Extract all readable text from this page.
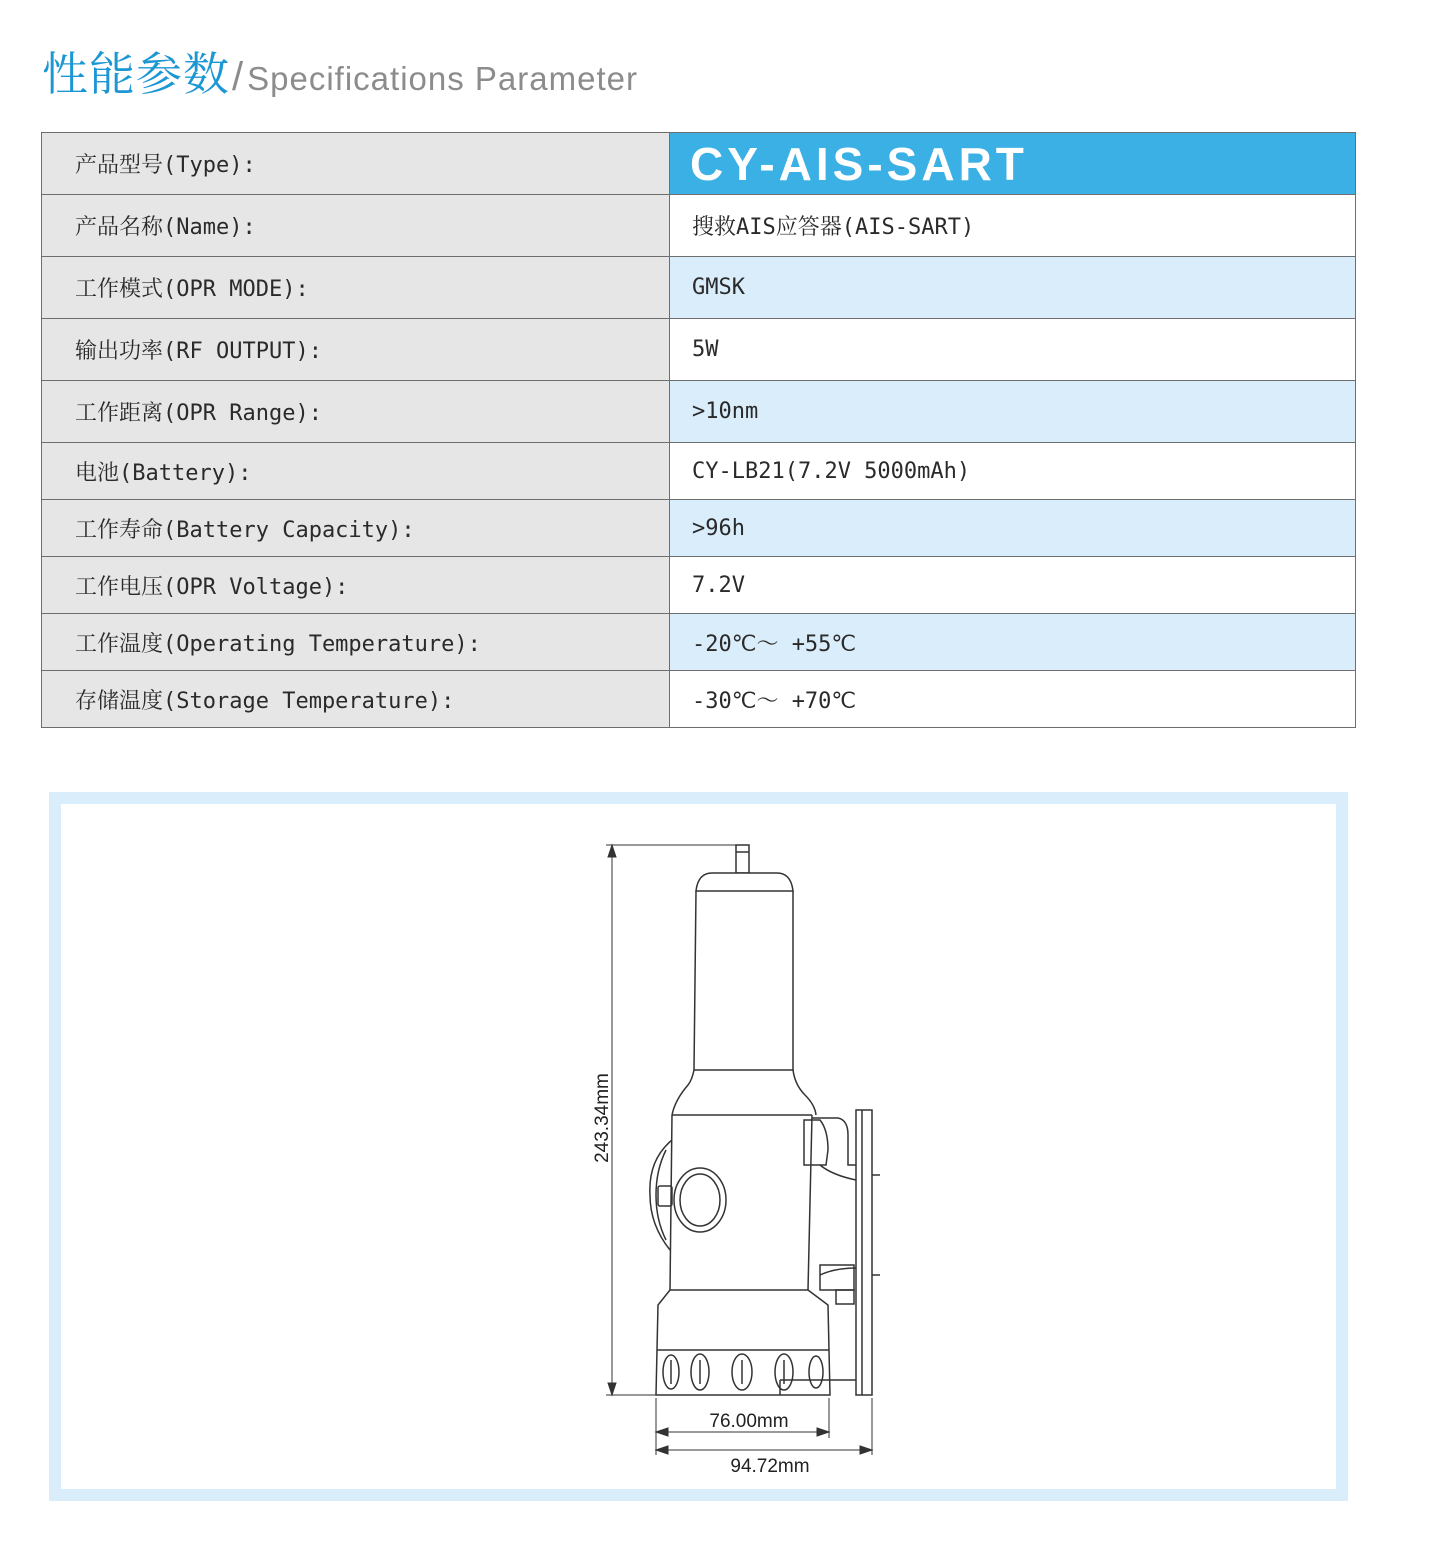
性能参数/ Specifications Parameter
产品型号(Type):	CY-AIS-SART
产品名称(Name):	搜救AIS应答器(AIS-SART)
工作模式(OPR MODE):	GMSK
输出功率(RF OUTPUT):	5W
工作距离(OPR Range):	>10nm
电池(Battery):	CY-LB21(7.2V 5000mAh)
工作寿命(Battery Capacity):	>96h
工作电压(OPR Voltage):	7.2V
工作温度(Operating Temperature):	-20℃～ +55℃
存储温度(Storage Temperature):	-30℃～ +70℃
243.34mm
76.00mm
94.72mm
